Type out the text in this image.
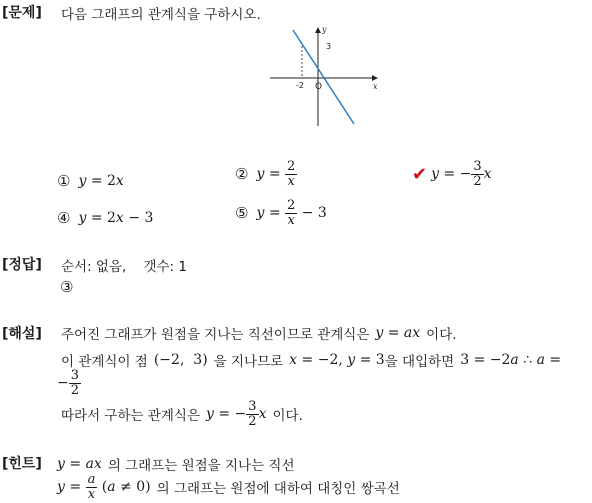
[문제] 다음 그래프의 관계식을 구하시오.
y
x
O
3
-2
① y = 2x	② $y = \frac{2}{x}$	✔ y = − $\frac{3}{2}$ x
④ y = 2x − 3	⑤ $y = \frac{2}{x} - 3$
[정답] 순서: 없음,    갯수: 1
③
[해설] 주어진 그래프가 원점을 지나는 직선이므로 관계식은 y = ax 이다.
이 관계식이 점 (−2,  3) 을 지나므로 x = −2, y = 3 을 대입하면 3 = −2a ∴ a =
− $\frac{3}{2}$
따라서 구하는 관계식은 y = − $\frac{3}{2}$ x 이다.
[힌트] y = ax 의 그래프는 원점을 지나는 직선
$y = \frac{a}{x} (a \ne 0)$ 의 그래프는 원점에 대하여 대칭인 쌍곡선
